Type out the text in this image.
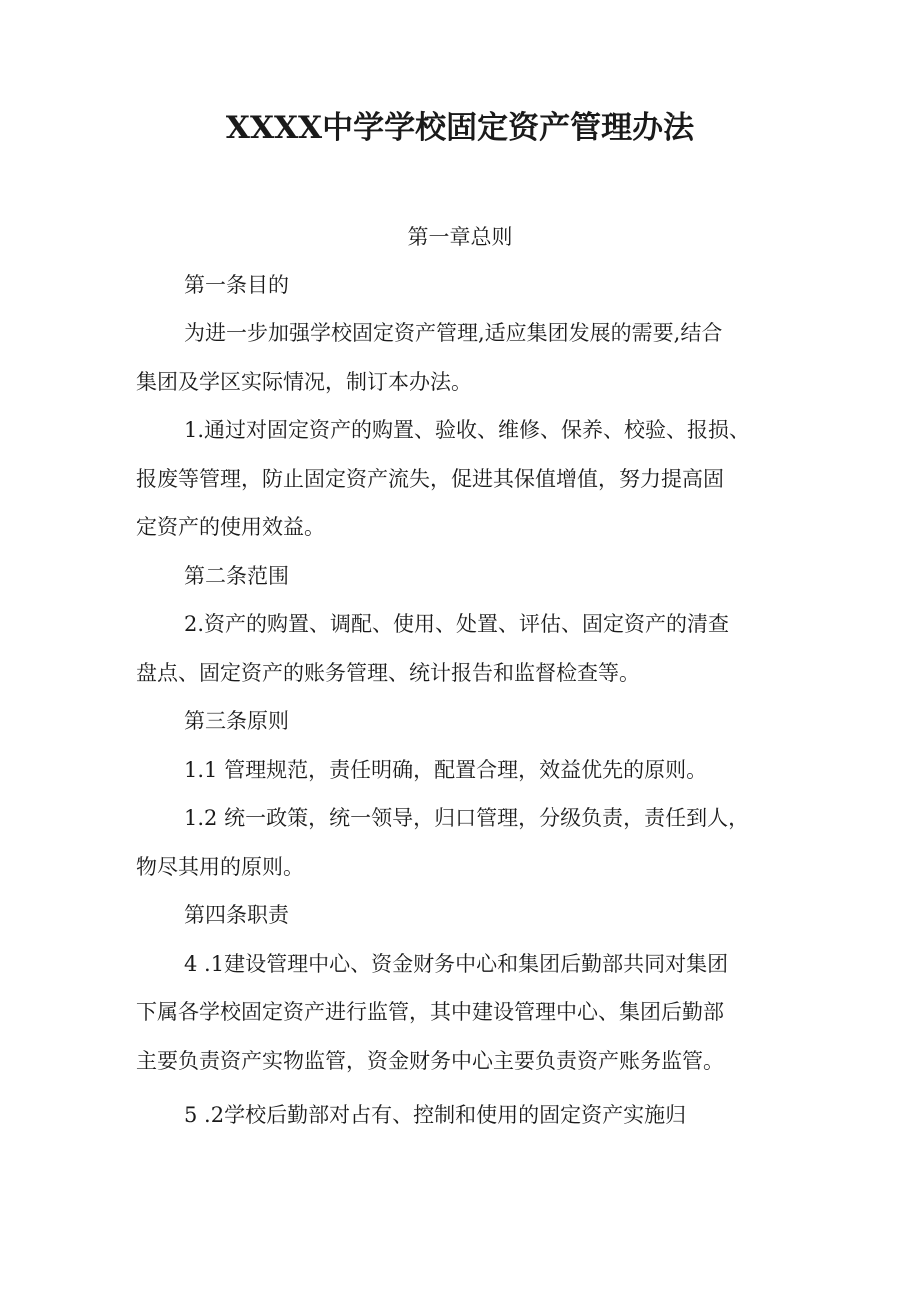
XXXX中学学校固定资产管理办法
第一章总则
第一条目的
为进一步加强学校固定资产管理,适应集团发展的需要,结合
集团及学区实际情况，制订本办法。
1.通过对固定资产的购置、验收、维修、保养、校验、报损、
报废等管理，防止固定资产流失，促进其保值增值，努力提高固
定资产的使用效益。
第二条范围
2.资产的购置、调配、使用、处置、评估、固定资产的清查
盘点、固定资产的账务管理、统计报告和监督检查等。
第三条原则
1.1 管理规范，责任明确，配置合理，效益优先的原则。
1.2 统一政策，统一领导，归口管理，分级负责，责任到人，
物尽其用的原则。
第四条职责
4 .1建设管理中心、资金财务中心和集团后勤部共同对集团
下属各学校固定资产进行监管，其中建设管理中心、集团后勤部
主要负责资产实物监管，资金财务中心主要负责资产账务监管。
5 .2学校后勤部对占有、控制和使用的固定资产实施归
